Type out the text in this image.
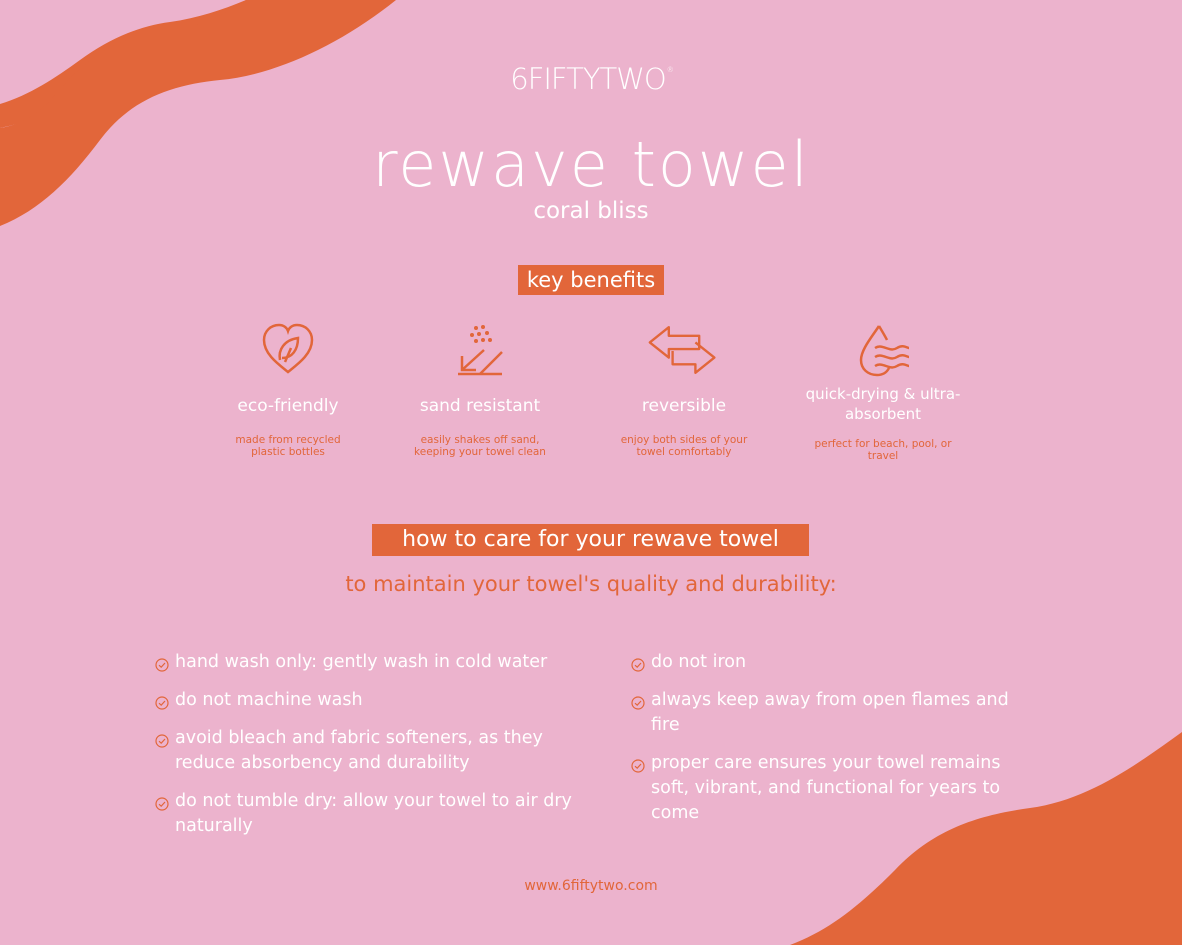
6FIFTYTWO®
rewave towel
coral bliss
key benefits
eco-friendly
made from recycled plastic bottles
sand resistant
easily shakes off sand, keeping your towel clean
reversible
enjoy both sides of your towel comfortably
quick-drying & ultra-absorbent
perfect for beach, pool, or travel
how to care for your rewave towel
to maintain your towel's quality and durability:
hand wash only: gently wash in cold water
do not machine wash
avoid bleach and fabric softeners, as they reduce absorbency and durability
do not tumble dry: allow your towel to air dry naturally
do not iron
always keep away from open flames and fire
proper care ensures your towel remains soft, vibrant, and functional for years to come
www.6fiftytwo.com
